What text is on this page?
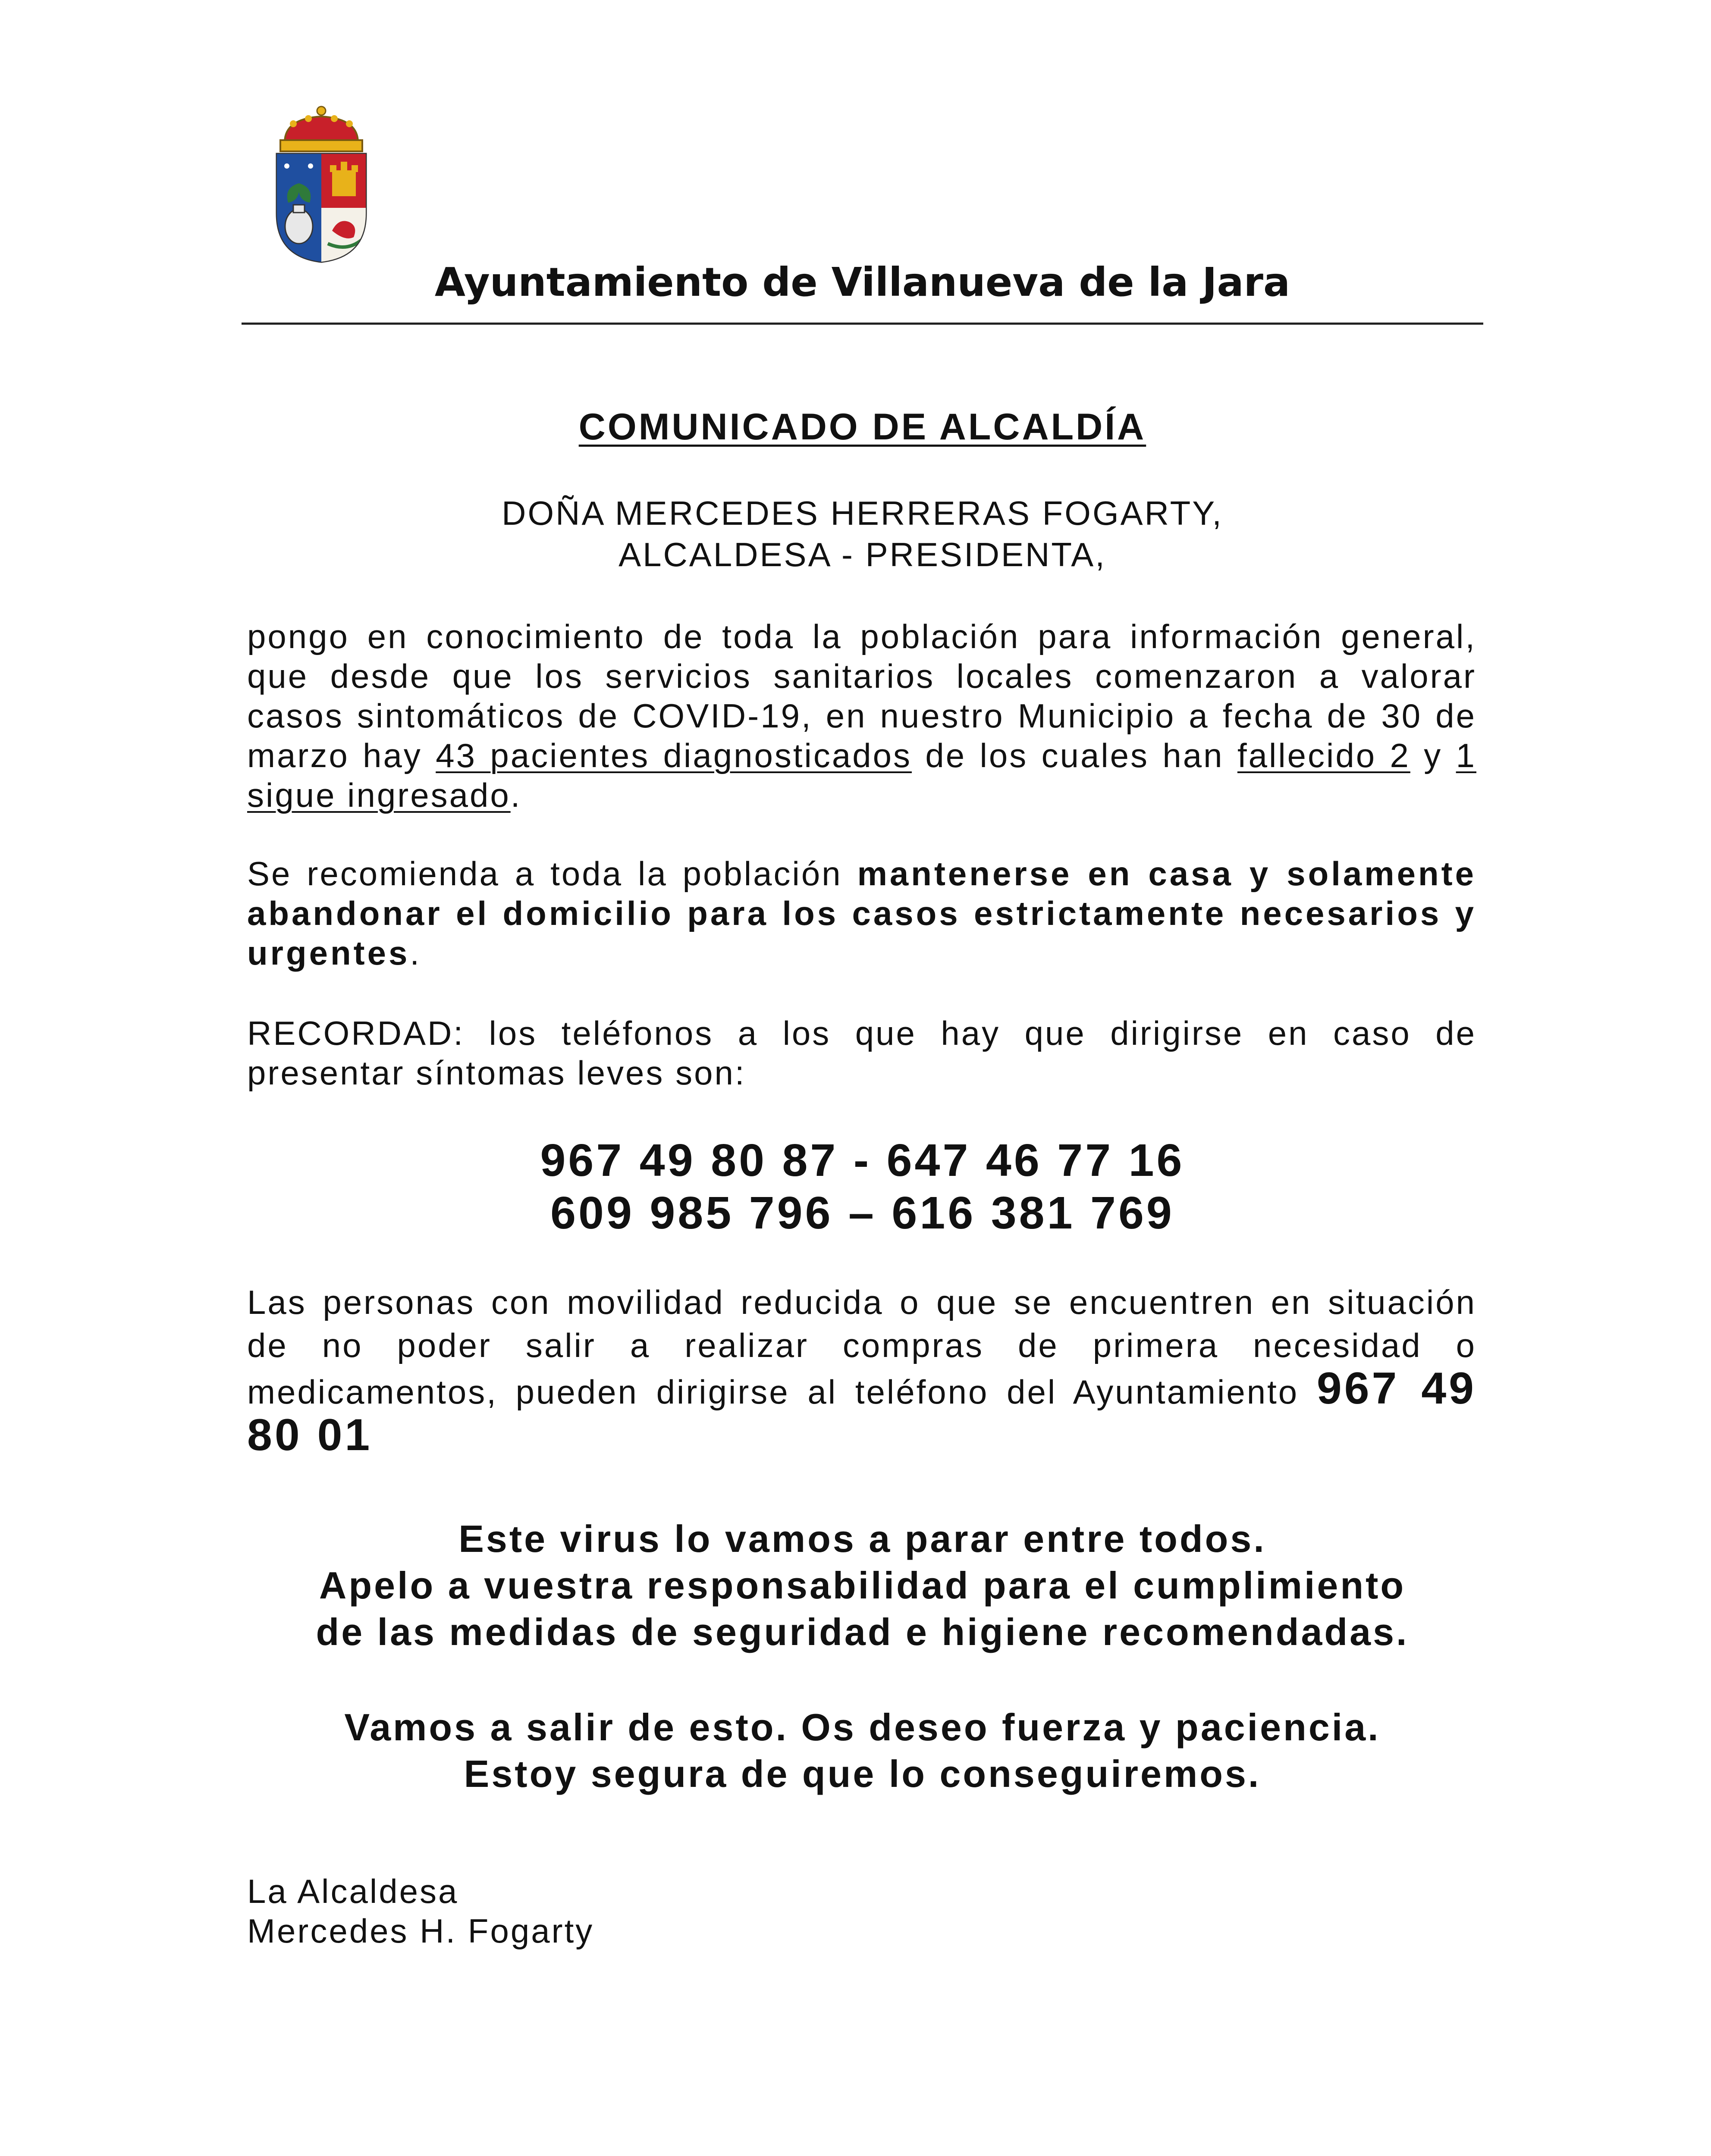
Ayuntamiento de Villanueva de la Jara
COMUNICADO DE ALCALDÍA
DOÑA MERCEDES HERRERAS FOGARTY,
ALCALDESA - PRESIDENTA,
pongo en conocimiento de toda la población para información general, que desde que los servicios sanitarios locales comenzaron a valorar casos sintomáticos de COVID-19, en nuestro Municipio a fecha de 30 de marzo hay 43 pacientes diagnosticados de los cuales han fallecido 2 y 1 sigue ingresado.
Se recomienda a toda la población mantenerse en casa y solamente abandonar el domicilio para los casos estrictamente necesarios y urgentes.
RECORDAD: los teléfonos a los que hay que dirigirse en caso de presentar síntomas leves son:
967 49 80 87 - 647 46 77 16
609 985 796 – 616 381 769
Las personas con movilidad reducida o que se encuentren en situación de no poder salir a realizar compras de primera necesidad o medicamentos, pueden dirigirse al teléfono del Ayuntamiento 967 49 80 01
Este virus lo vamos a parar entre todos.
Apelo a vuestra responsabilidad para el cumplimiento
de las medidas de seguridad e higiene recomendadas.
Vamos a salir de esto. Os deseo fuerza y paciencia.
Estoy segura de que lo conseguiremos.
La Alcaldesa
Mercedes H. Fogarty
